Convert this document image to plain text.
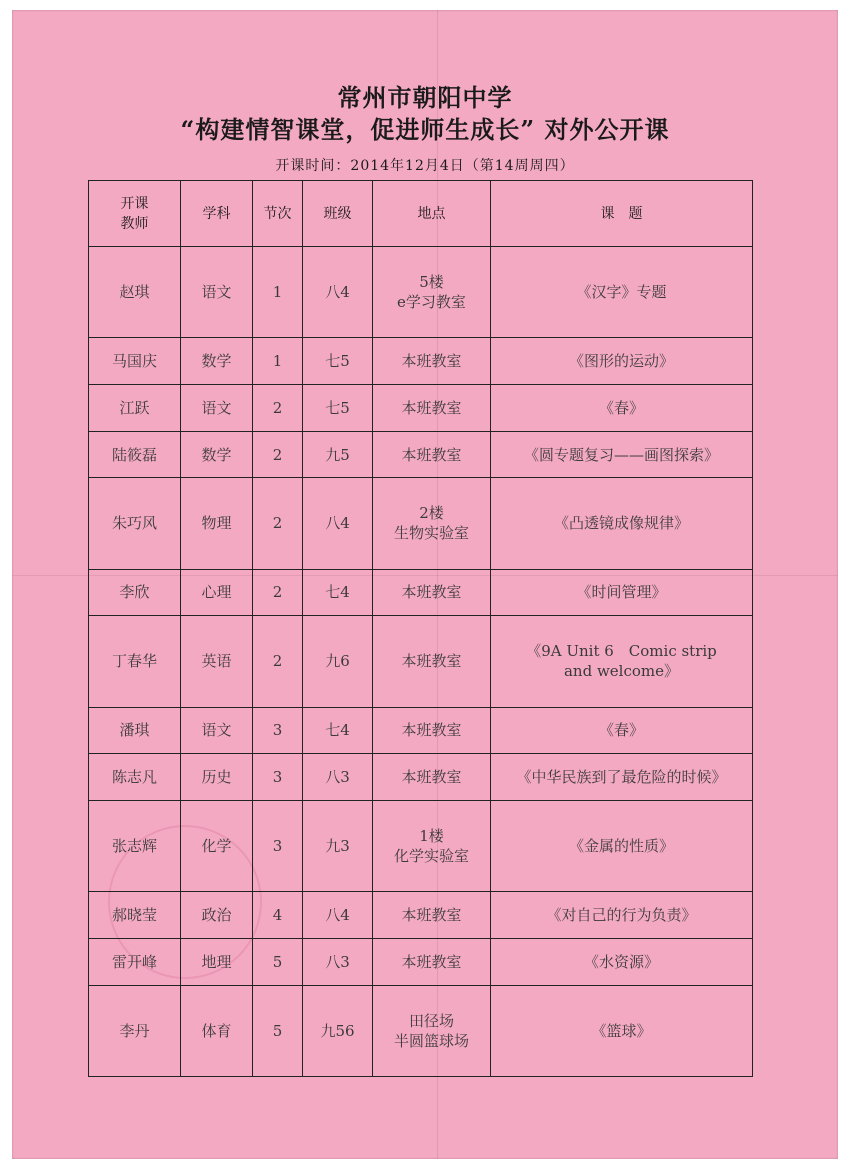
常州市朝阳中学
“构建情智课堂，促进师生成长” 对外公开课
开课时间：2014年12月4日（第14周周四）
开课
教师	学科	节次	班级	地点	课　题
赵琪	语文	1	八4	5楼
e学习教室	《汉字》专题

马国庆	数学	1	七5	本班教室	《图形的运动》

江跃	语文	2	七5	本班教室	《春》

陆筱磊	数学	2	九5	本班教室	《圆专题复习——画图探索》

朱巧风	物理	2	八4	2楼
生物实验室	《凸透镜成像规律》

李欣	心理	2	七4	本班教室	《时间管理》

丁春华	英语	2	九6	本班教室	《9A Unit 6　Comic strip
and welcome》

潘琪	语文	3	七4	本班教室	《春》

陈志凡	历史	3	八3	本班教室	《中华民族到了最危险的时候》

张志辉	化学	3	九3	1楼
化学实验室	《金属的性质》

郝晓莹	政治	4	八4	本班教室	《对自己的行为负责》

雷开峰	地理	5	八3	本班教室	《水资源》

李丹	体育	5	九56	田径场
半圆篮球场	《篮球》
